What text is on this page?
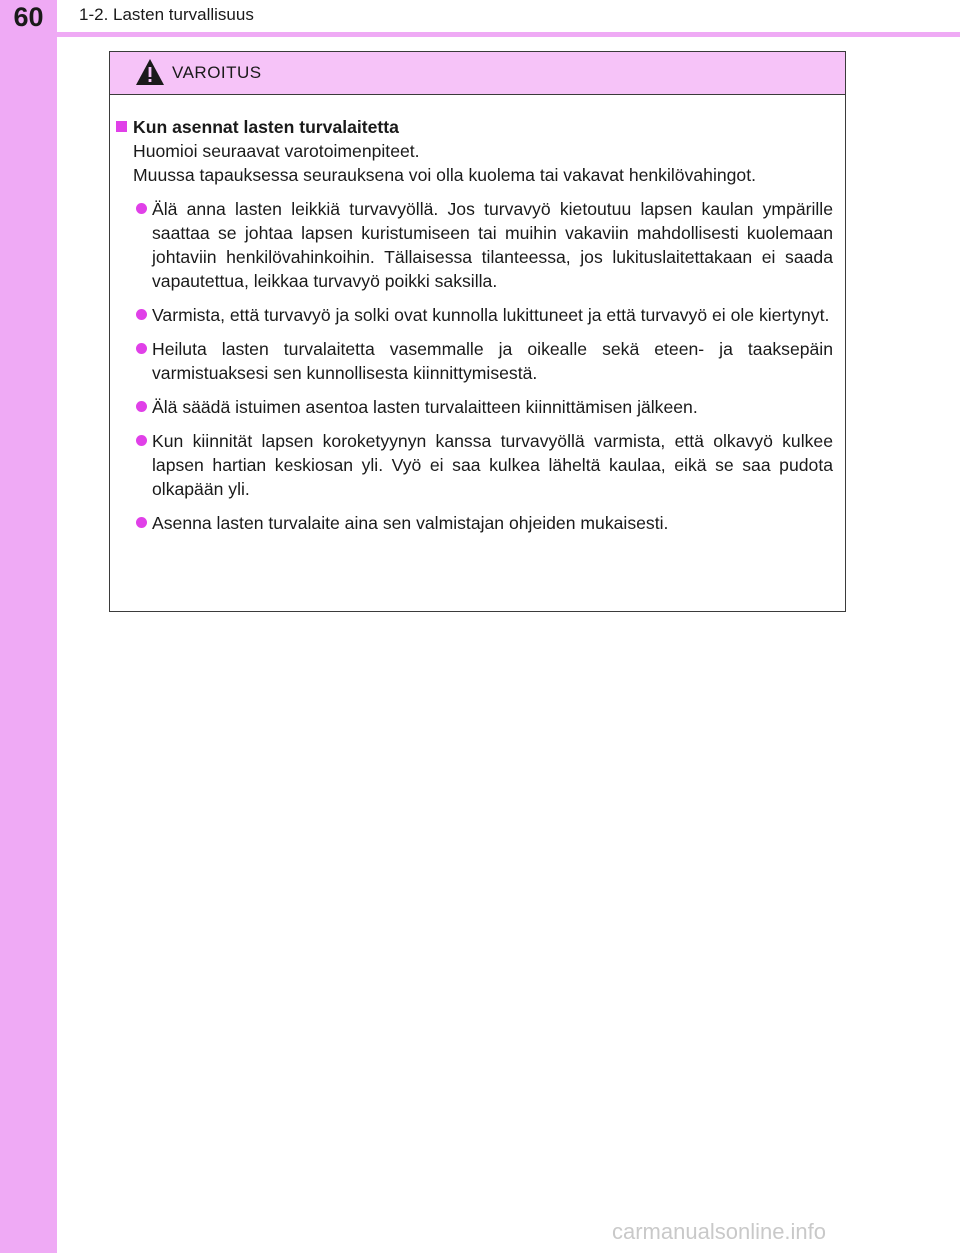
60	1-2. Lasten turvallisuus
VAROITUS
Kun asennat lasten turvalaitetta
Huomioi seuraavat varotoimenpiteet.
Muussa tapauksessa seurauksena voi olla kuolema tai vakavat henkilövahingot.
Älä anna lasten leikkiä turvavyöllä. Jos turvavyö kietoutuu lapsen kaulan ympärille saattaa se johtaa lapsen kuristumiseen tai muihin vakaviin mahdollisesti kuolemaan johtaviin henkilövahinkoihin. Tällaisessa tilanteessa, jos lukituslaitettakaan ei saada vapautettua, leikkaa turvavyö poikki saksilla.
Varmista, että turvavyö ja solki ovat kunnolla lukittuneet ja että turvavyö ei ole kiertynyt.
Heiluta lasten turvalaitetta vasemmalle ja oikealle sekä eteen- ja taaksepäin varmistuaksesi sen kunnollisesta kiinnittymisestä.
Älä säädä istuimen asentoa lasten turvalaitteen kiinnittämisen jälkeen.
Kun kiinnität lapsen koroketyynyn kanssa turvavyöllä varmista, että olkavyö kulkee lapsen hartian keskiosan yli. Vyö ei saa kulkea läheltä kaulaa, eikä se saa pudota olkapään yli.
Asenna lasten turvalaite aina sen valmistajan ohjeiden mukaisesti.
carmanualsonline.info
